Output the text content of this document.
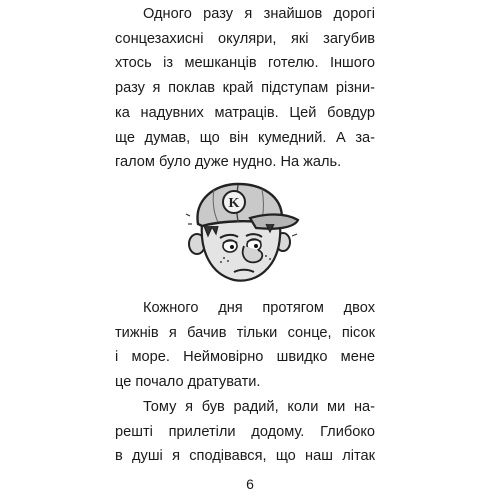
Одного разу я знайшов дорогі
сонцезахисні окуляри, які загубив
хтось із мешканців готелю. Іншого
разу я поклав край підступам різни-
ка надувних матраців. Цей бовдур
ще думав, що він кумедний. А за-
галом було дуже нудно. На жаль.

K

Кожного дня протягом двох
тижнів я бачив тільки сонце, пісок
і море. Неймовірно швидко мене
це почало дратувати.

Тому я був радий, коли ми на-
решті прилетіли додому. Глибоко
в душі я сподівався, що наш літак

6
